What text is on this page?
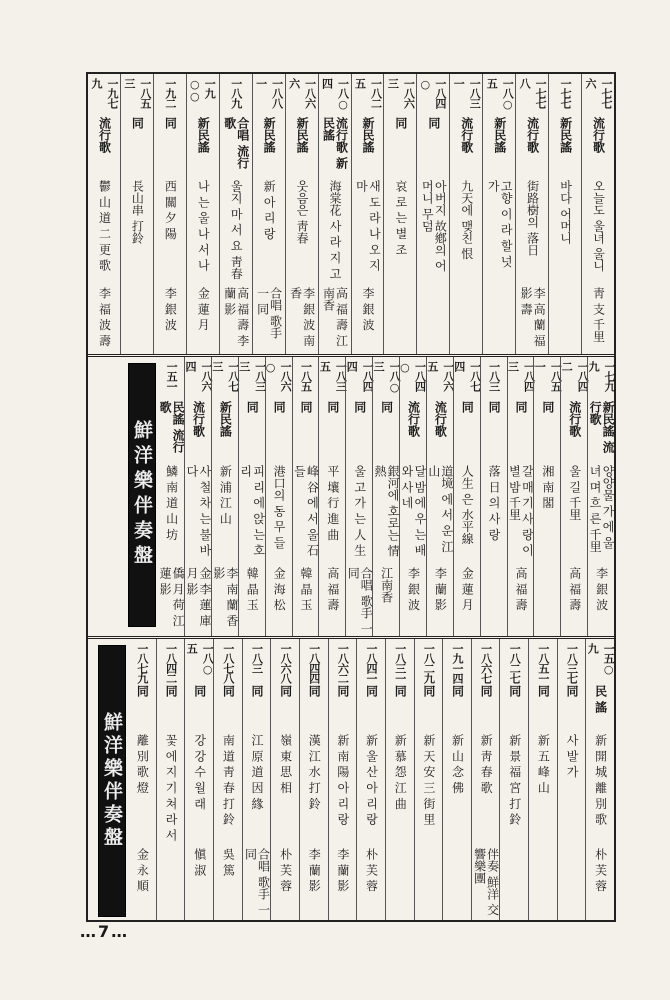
一七七六
流行歌
오늘도 울녀 울니
靑 支 千里
一七七
新民謠
바다 어머니
一七七八
流行歌
街路樹의 落日
李 高 蘭 福 影 壽
一八○五
新民謠
고향 이 라 할 넛 가
一八三一
流行歌
九天에 맺친 恨
一八四○
同
아버지 故鄕의 어머니 무덤
一八六三
同
哀 로 는 별 조
一八二五
新民謠
새 도 라 나 오 지 마
李 銀 波
一八○四
流行歌 新民謠
海棠花 사 라 지 고
高 福 壽 江南香
一八六六
新民謠
웃음은 靑春
李 銀 波 南 香
一八八一
新民謠
新 아 리 랑
合唱 歌手 一 同
一八九
合唱 流行歌
울지 마 서 요 靑春
高 福 壽 李 蘭 影
一九○○
新民謠
나 는 울 나 서 나
金 蓮 月
一九二
同
西 關 夕 陽
李 銀 波
一八五三
同
長山串 打鈴
一九七九
流行歌
鬱 山 道 二 更 歌
李 福 波 壽
一七九九
新民謠 流行歌
양양물 가 에 울 녀 며 흐 른 千里
李 銀 波
一八四二
流行歌
울 길 千里
高 福 壽
一八五一
同
湘 南 閣
一八四三
同
갈 매 기 사 랑 이 별 밤 千里
高 福 壽
一八三
同
落 日 의 사 랑
一八七四
同
人生 은 水平線
金 蓮 月
一八六五
流行歌
道境 에 서 운 江山
李 蘭 影
一八四○
流行歌
달 밤 에 우 는 배 와 사 네
李 銀 波
一八○三
同
銀河에 호로는 情熱
江南香
一八四四
同
울 고 가 는 人 生
合唱 歌手 一 同
一八三五
同
平 壤 行 進 曲
高 福 壽
一八五
同
峰 谷 에 서 울 石 들
韓 晶 玉
一八六○
同
港口의 동 무 들
金 海 松
一八三三
同
피 리 에 앉 는 호 리
韓 晶 玉
一八七三
新民謠
新 浦 江 山
李 南 蘭 香 影
一八六四
流行歌
사 철 차 는 불 바 다
金 李 蓮 庫 月 影
一五一
民謠 流行歌
鱗 南 道 山 坊
僑 月 荷 江 蓮 影
鮮洋樂伴奏盤
一五○九
民 謠
新 開 城 離 別 歌
朴 芙 蓉
一八三七
同
사 발 가
一八五一
同
新 五 峰 山
一八二七
同
新 景 福 宮 打 鈴
一八六七
同
新 靑 春 歌
伴奏 鮮洋 交響樂團
一九一四
同
新 山 念 佛
一八二九
同
新 天 安 三 街 里
一八三一
同
新 慕 怨 江 曲
一八四一
同
新 울 산 아 리 랑
朴 芙 蓉
一八六二
同
新 南 陽 아 리 랑
李 蘭 影
一八四四
同
漢 江 水 打 鈴
李 蘭 影
一八六八
同
嶺 東 思 相
朴 芙 蓉
一八三
同
江 原 道 因 緣
合唱 歌手 一 同
一八七八
同
南 道 靑 春 打 鈴
吳 篤
一八○五
同
강 강 수 월 래
愼 淑
一八四二
同
꽃 에 지 기 쳐 라 서
一八七九
同
離 別 歌 燈
金 永 順
鮮洋樂伴奏盤
…7…
